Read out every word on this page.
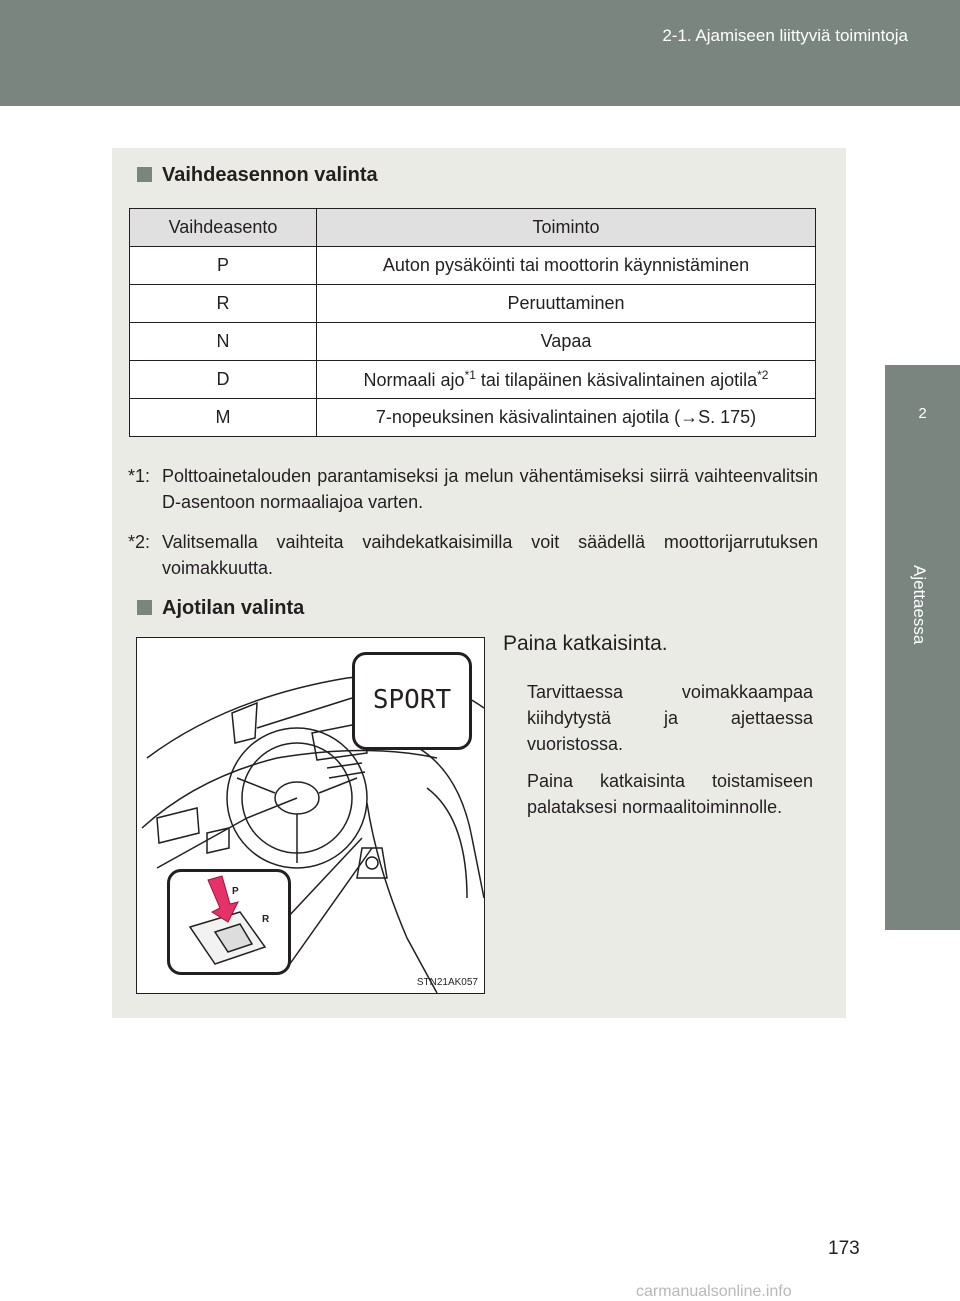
2-1. Ajamiseen liittyviä toimintoja
2
Ajettaessa
Vaihdeasennon valinta
Vaihdeasento	Toiminto
P	Auton pysäköinti tai moottorin käynnistäminen
R	Peruuttaminen
N	Vapaa
D	Normaali ajo$^{*1}$ tai tilapäinen käsivalintainen ajotila$^{*2}$
M	7-nopeuksinen käsivalintainen ajotila (→S. 175)
*1: Polttoainetalouden parantamiseksi ja melun vähentämiseksi siirrä vaihteenvalitsin D-asentoon normaaliajoa varten.
*2: Valitsemalla vaihteita vaihdekatkaisimilla voit säädellä moottorijarrutuksen voimakkuutta.
Ajotilan valinta
SPORT
P
R
STN21AK057
Paina katkaisinta.
Tarvittaessa voimakkaampaa kiihdytystä ja ajettaessa vuoristossa.
Paina katkaisinta toistamiseen palataksesi normaalitoiminnolle.
173
carmanualsonline.info
